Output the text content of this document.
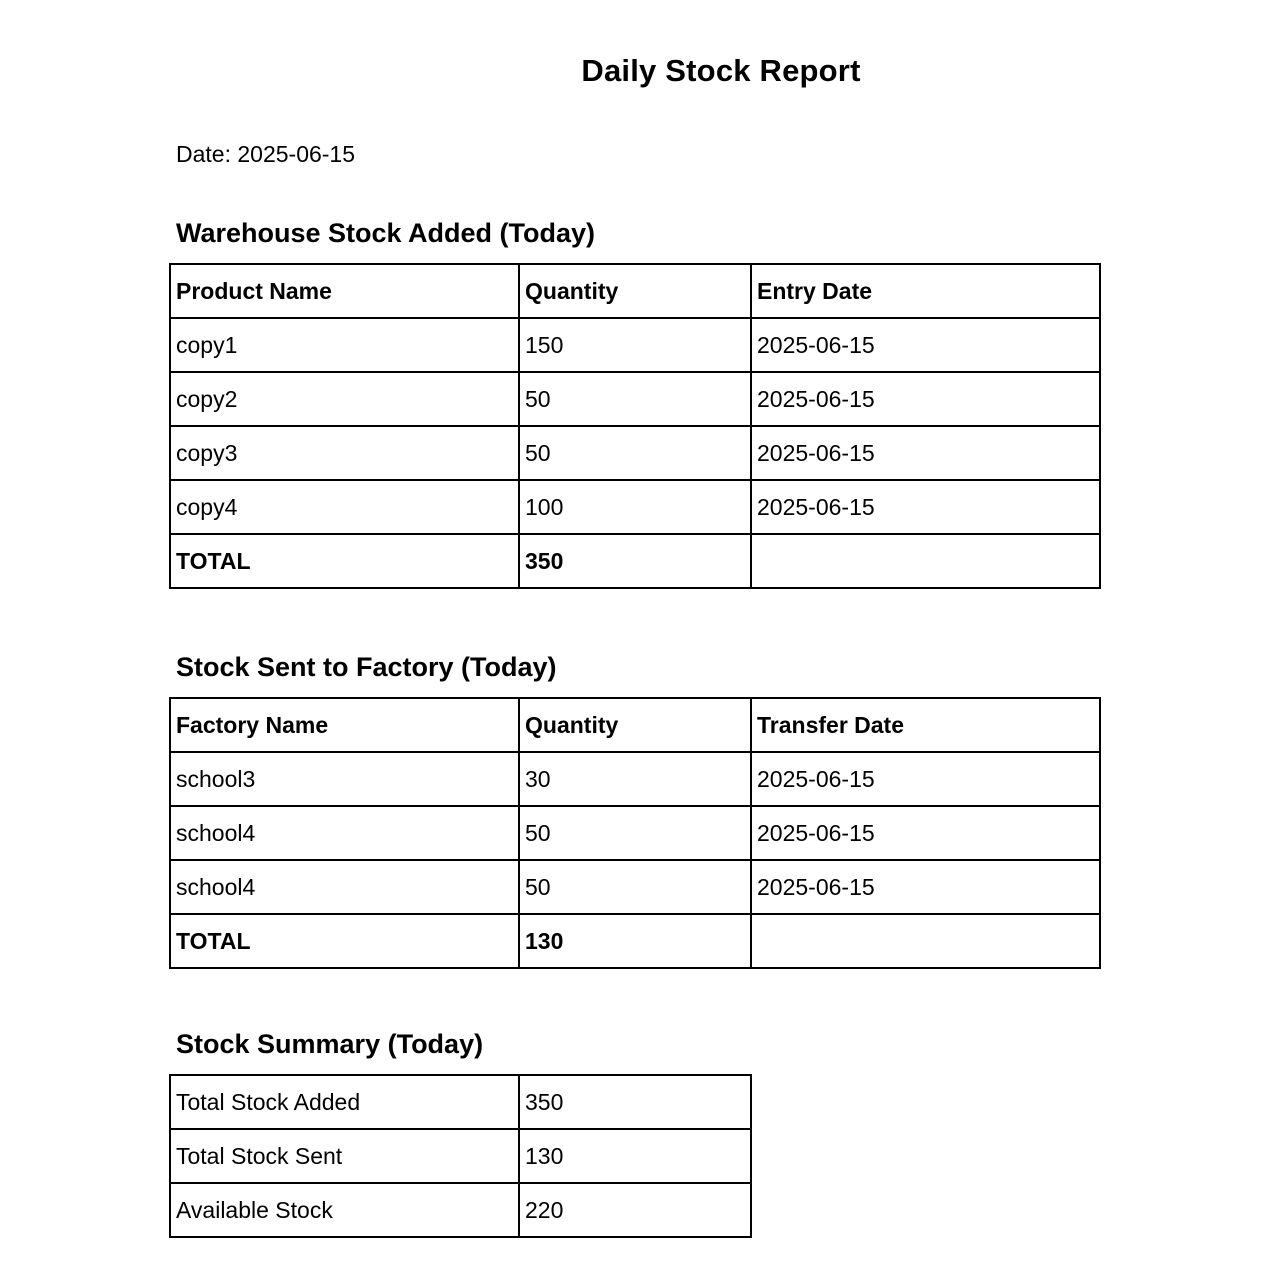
Daily Stock Report
Date: 2025-06-15
Warehouse Stock Added (Today)
Product Name	Quantity	Entry Date
copy1	150	2025-06-15
copy2	50	2025-06-15
copy3	50	2025-06-15
copy4	100	2025-06-15
TOTAL	350	
Stock Sent to Factory (Today)
Factory Name	Quantity	Transfer Date
school3	30	2025-06-15
school4	50	2025-06-15
school4	50	2025-06-15
TOTAL	130	
Stock Summary (Today)
Total Stock Added	350
Total Stock Sent	130
Available Stock	220
